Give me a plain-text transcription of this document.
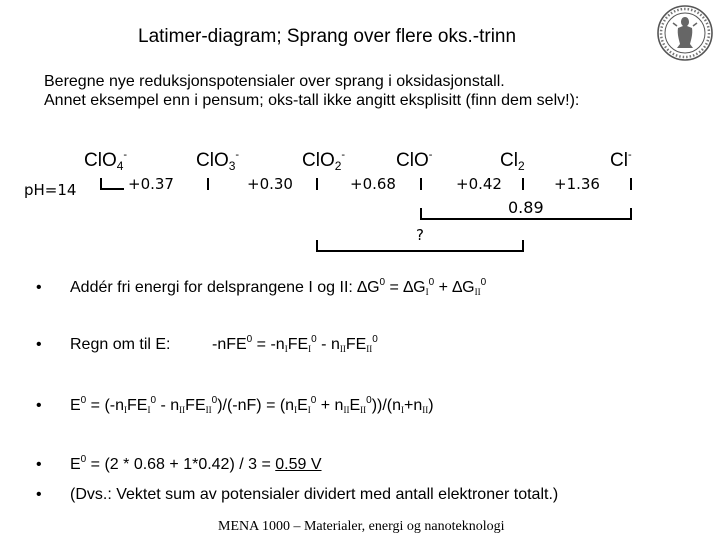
Latimer-diagram; Sprang over flere oks.-trinn
Beregne nye reduksjonspotensialer over sprang i oksidasjonstall.
Annet eksempel enn i pensum; oks-tall ikke angitt eksplisitt (finn dem selv!):
ClO$_4$-	ClO$_3$-	ClO$_2$-	ClO-	$Cl_2$	Cl-
pH=14	+0.37	+0.30	+0.68	+0.42	+1.36
0.89
?
• Addér fri energi for delsprangene I og II: $\Delta G^0 = \Delta GI^0 + \Delta GII^0$
• Regn om til E:	-nFE$^0$ = -nIFEI$^0$ - nIIFEII$^0$
• $E^0$ = (-nIFEI$^0$ - nIIFEII$^0$)/(-nF) = (nIEI$^0$ + nIIEII$^0$))/(nI+nII)
• $E^0 = (2 * 0.68 + 1*0.42) / 3 = 0.59$ V
• (Dvs.: Vektet sum av potensialer dividert med antall elektroner totalt.)
MENA 1000 – Materialer, energi og nanoteknologi
